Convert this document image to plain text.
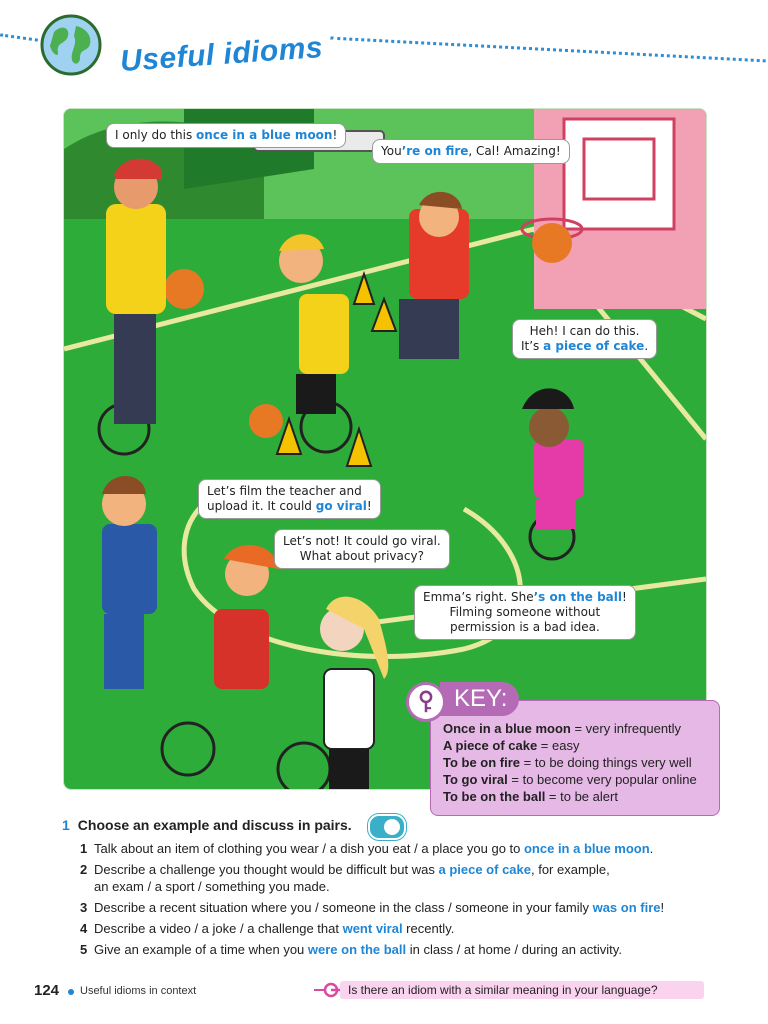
Useful idioms
I only do this once in a blue moon!
You’re on fire, Cal! Amazing!
Heh! I can do this.
It’s a piece of cake.
Let’s film the teacher and
upload it. It could go viral!
Let’s not! It could go viral.
What about privacy?
Emma’s right. She’s on the ball!
Filming someone without
permission is a bad idea.
KEY:
Once in a blue moon = very infrequently
A piece of cake = easy
To be on fire = to be doing things very well
To go viral = to become very popular online
To be on the ball = to be alert
1 Choose an example and discuss in pairs.
1 Talk about an item of clothing you wear / a dish you eat / a place you go to once in a blue moon.
2 Describe a challenge you thought would be difficult but was a piece of cake, for example,
an exam / a sport / something you made.
3 Describe a recent situation where you / someone in the class / someone in your family was on fire!
4 Describe a video / a joke / a challenge that went viral recently.
5 Give an example of a time when you were on the ball in class / at home / during an activity.
124 Useful idioms in context	Is there an idiom with a similar meaning in your language?
